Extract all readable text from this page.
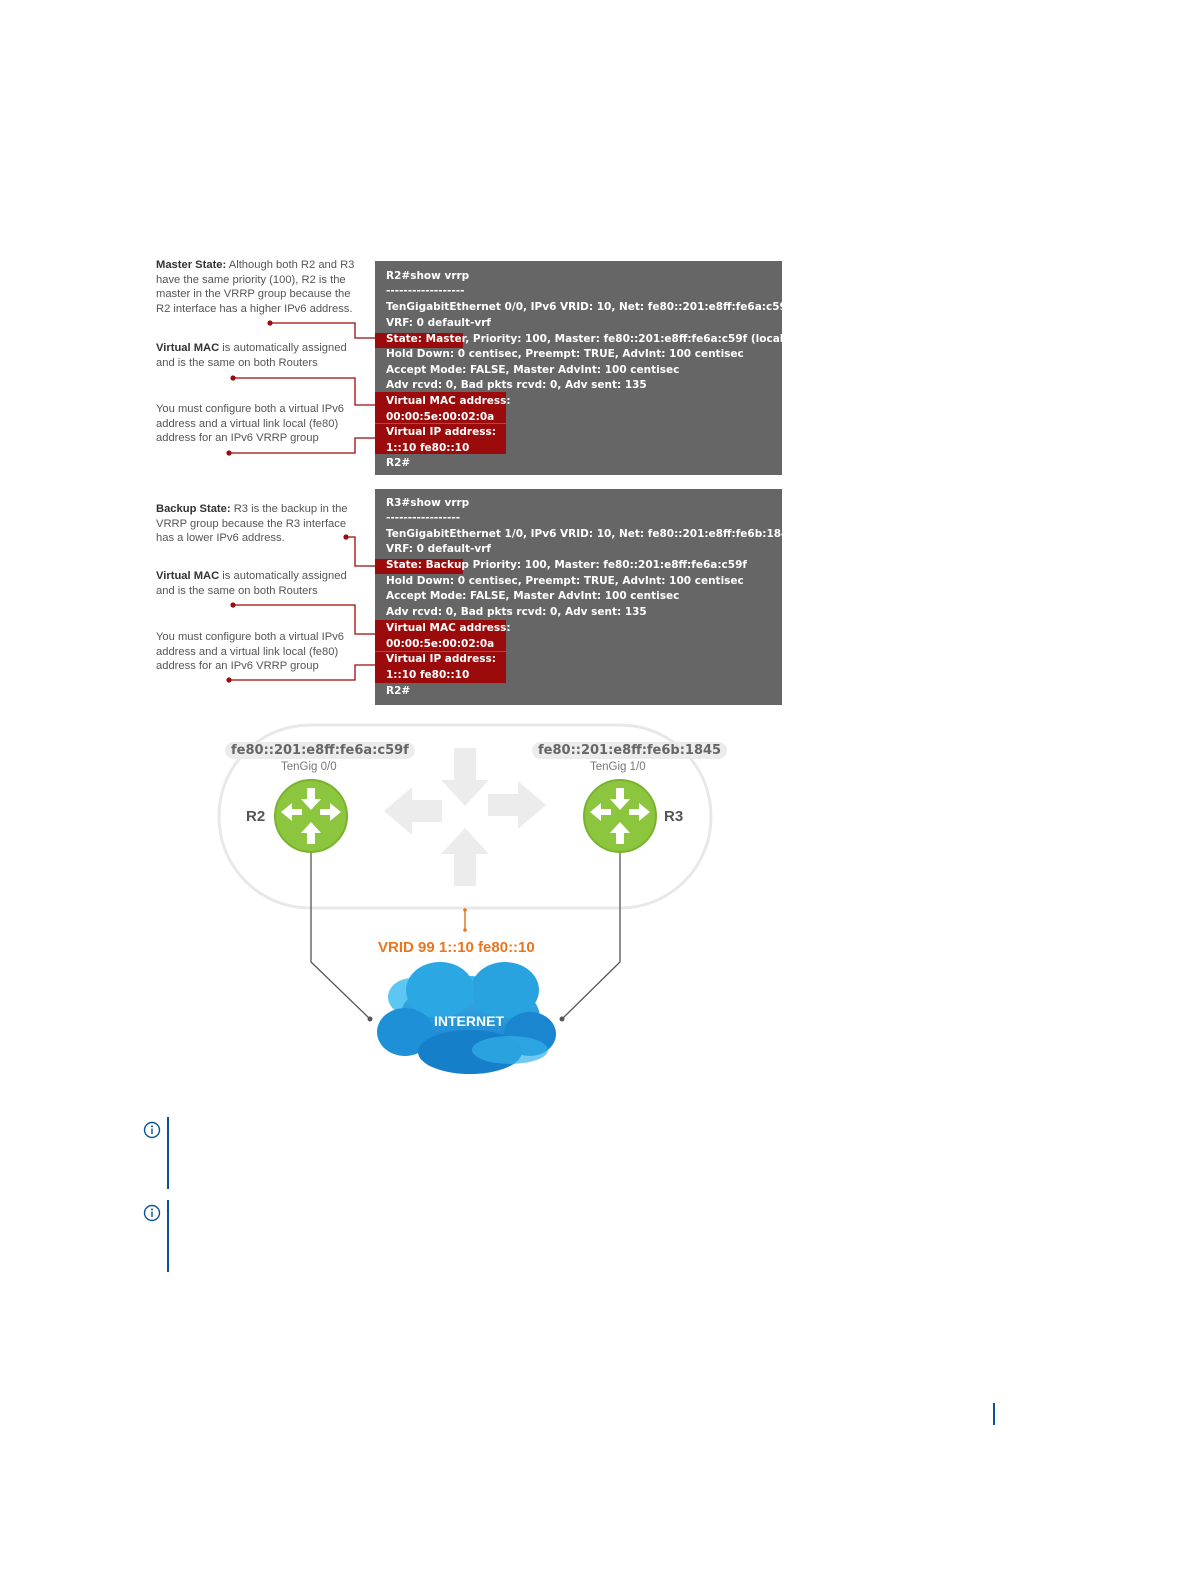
Master State: Although both R2 and R3 have the same priority (100), R2 is the master in the VRRP group because the R2 interface has a higher IPv6 address.

Virtual MAC is automatically assigned and is the same on both Routers

You must configure both a virtual IPv6 address and a virtual link local (fe80) address for an IPv6 VRRP group

R2#show vrrp
------------------
TenGigabitEthernet 0/0, IPv6 VRID: 10, Net: fe80::201:e8ff:fe6a:c59f
VRF: 0 default-vrf
State: Master, Priority: 100, Master: fe80::201:e8ff:fe6a:c59f (local)
Hold Down: 0 centisec, Preempt: TRUE, AdvInt: 100 centisec
Accept Mode: FALSE, Master AdvInt: 100 centisec
Adv rcvd: 0, Bad pkts rcvd: 0, Adv sent: 135
Virtual MAC address:
00:00:5e:00:02:0a
Virtual IP address:
1::10 fe80::10
R2#

Backup State: R3 is the backup in the VRRP group because the R3 interface has a lower IPv6 address.

Virtual MAC is automatically assigned and is the same on both Routers

You must configure both a virtual IPv6 address and a virtual link local (fe80) address for an IPv6 VRRP group

R3#show vrrp
-----------------
TenGigabitEthernet 1/0, IPv6 VRID: 10, Net: fe80::201:e8ff:fe6b:1845
VRF: 0 default-vrf
State: Backup Priority: 100, Master: fe80::201:e8ff:fe6a:c59f
Hold Down: 0 centisec, Preempt: TRUE, AdvInt: 100 centisec
Accept Mode: FALSE, Master AdvInt: 100 centisec
Adv rcvd: 0, Bad pkts rcvd: 0, Adv sent: 135
Virtual MAC address:
00:00:5e:00:02:0a
Virtual IP address:
1::10 fe80::10
R2#
fe80::201:e8ff:fe6a:c59f
TenGig 0/0
R2
fe80::201:e8ff:fe6b:1845
TenGig 1/0
R3
VRID 99 1::10 fe80::10
INTERNET
